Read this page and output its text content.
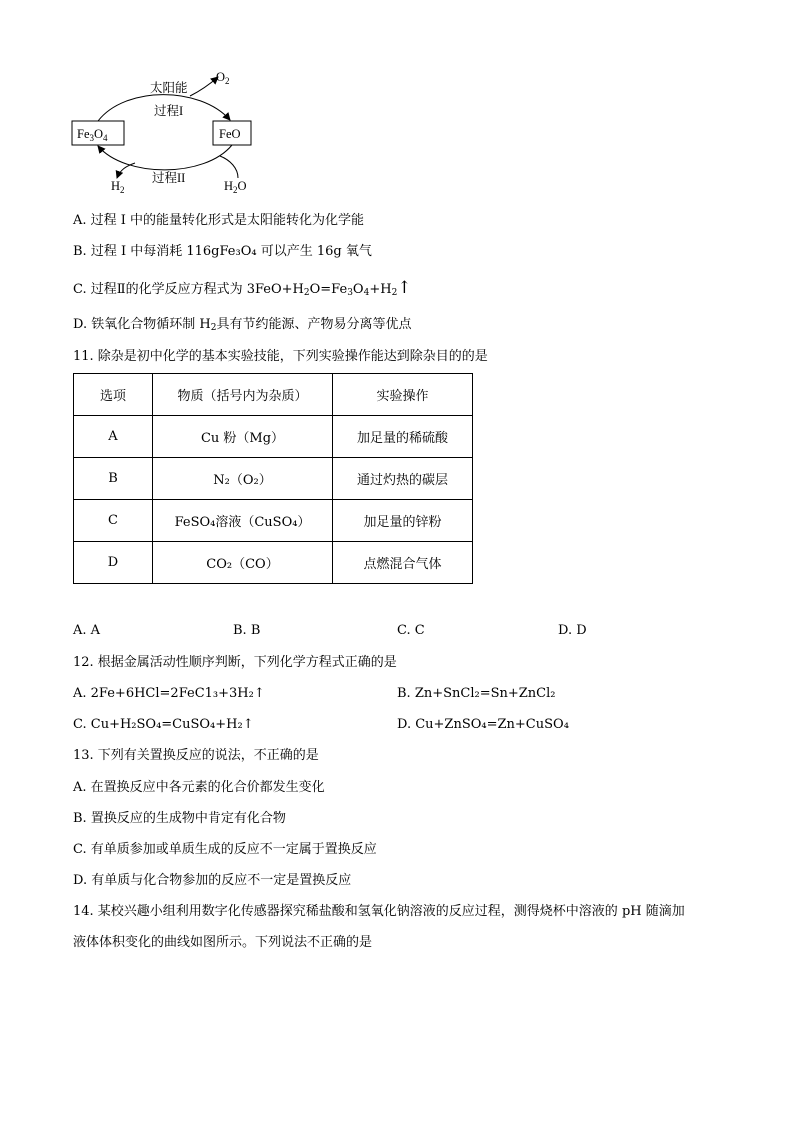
太阳能
过程I
过程II
$Fe_3O_4$	FeO
$O_2$
$H_2$	$H_2O$
A. 过程 I 中的能量转化形式是太阳能转化为化学能
B. 过程 I 中每消耗 116gFe₃O₄ 可以产生 16g 氧气
C. 过程Ⅱ的化学反应方程式为 $3FeO+H_2O=Fe_3O_4+H_2↑$
D. 铁氧化合物循环制 $H_2$具有节约能源、产物易分离等优点
11. 除杂是初中化学的基本实验技能，下列实验操作能达到除杂目的的是
选项	物质（括号内为杂质）	实验操作
A	Cu 粉（Mg）	加足量的稀硫酸
B	N₂（O₂）	通过灼热的碳层
C	FeSO₄溶液（CuSO₄）	加足量的锌粉
D	CO₂（CO）	点燃混合气体
A. A	B. B	C. C	D. D
12. 根据金属活动性顺序判断，下列化学方程式正确的是
A. 2Fe+6HCl=2FeC1₃+3H₂↑	B. Zn+SnCl₂=Sn+ZnCl₂
C. Cu+H₂SO₄=CuSO₄+H₂↑	D. Cu+ZnSO₄=Zn+CuSO₄
13. 下列有关置换反应的说法，不正确的是
A. 在置换反应中各元素的化合价都发生变化
B. 置换反应的生成物中肯定有化合物
C. 有单质参加或单质生成的反应不一定属于置换反应
D. 有单质与化合物参加的反应不一定是置换反应
14. 某校兴趣小组利用数字化传感器探究稀盐酸和氢氧化钠溶液的反应过程，测得烧杯中溶液的 pH 随滴加
液体体积变化的曲线如图所示。下列说法不正确的是
